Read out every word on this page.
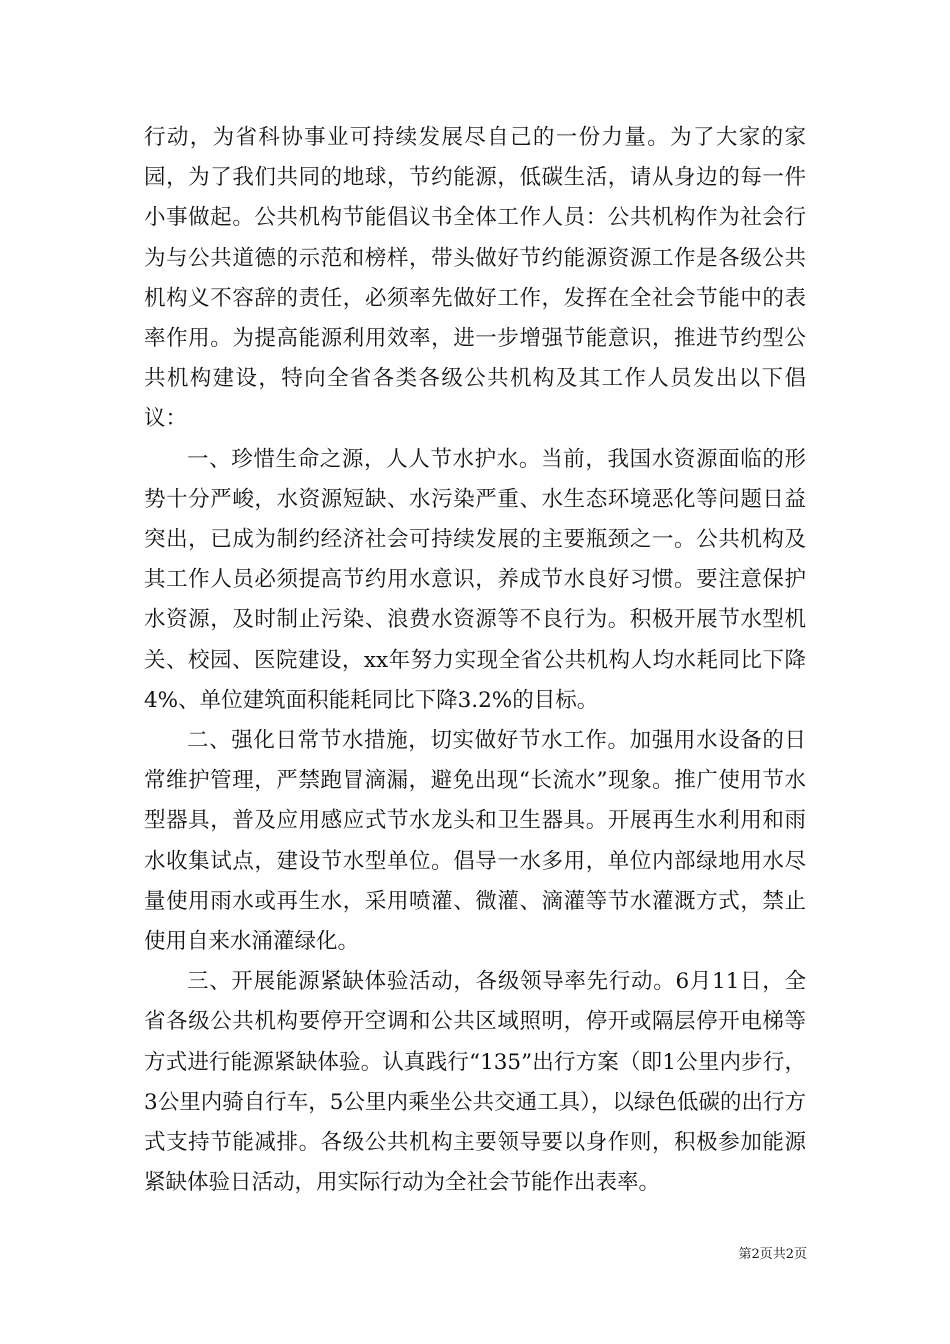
行动，为省科协事业可持续发展尽自己的一份力量。为了大家的家园，为了我们共同的地球，节约能源，低碳生活，请从身边的每一件小事做起。公共机构节能倡议书全体工作人员：公共机构作为社会行为与公共道德的示范和榜样，带头做好节约能源资源工作是各级公共机构义不容辞的责任，必须率先做好工作，发挥在全社会节能中的表率作用。为提高能源利用效率，进一步增强节能意识，推进节约型公共机构建设，特向全省各类各级公共机构及其工作人员发出以下倡议：

一、珍惜生命之源，人人节水护水。当前，我国水资源面临的形势十分严峻，水资源短缺、水污染严重、水生态环境恶化等问题日益突出，已成为制约经济社会可持续发展的主要瓶颈之一。公共机构及其工作人员必须提高节约用水意识，养成节水良好习惯。要注意保护水资源，及时制止污染、浪费水资源等不良行为。积极开展节水型机关、校园、医院建设，xx年努力实现全省公共机构人均水耗同比下降4%、单位建筑面积能耗同比下降3.2%的目标。

二、强化日常节水措施，切实做好节水工作。加强用水设备的日常维护管理，严禁跑冒滴漏，避免出现“长流水”现象。推广使用节水型器具，普及应用感应式节水龙头和卫生器具。开展再生水利用和雨水收集试点，建设节水型单位。倡导一水多用，单位内部绿地用水尽量使用雨水或再生水，采用喷灌、微灌、滴灌等节水灌溉方式，禁止使用自来水涌灌绿化。

三、开展能源紧缺体验活动，各级领导率先行动。6月11日，全省各级公共机构要停开空调和公共区域照明，停开或隔层停开电梯等方式进行能源紧缺体验。认真践行“135”出行方案（即1公里内步行，3公里内骑自行车，5公里内乘坐公共交通工具），以绿色低碳的出行方式支持节能减排。各级公共机构主要领导要以身作则，积极参加能源紧缺体验日活动，用实际行动为全社会节能作出表率。

第2页共2页
